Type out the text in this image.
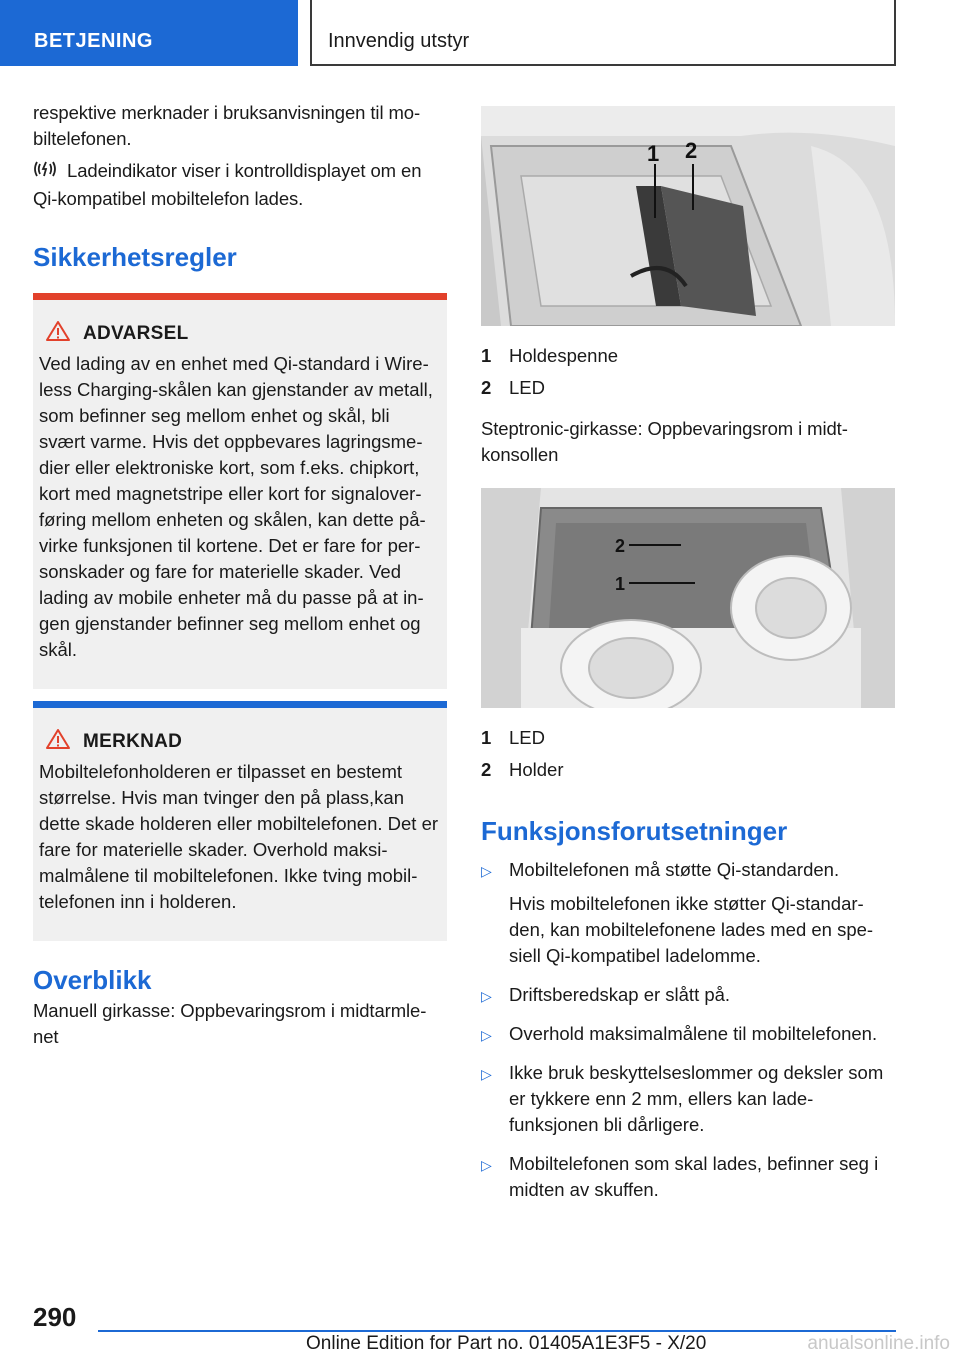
BETJENING	Innvendig utstyr

respektive merknader i bruksanvisningen til mo-biltelefonen.

Ladeindikator viser i kontrolldisplayet om en Qi-kompatibel mobiltelefon lades.

Sikkerhetsregler
ADVARSEL

Ved lading av en enhet med Qi-standard i Wire-less Charging-skålen kan gjenstander av metall, som befinner seg mellom enhet og skål, bli svært varme. Hvis det oppbevares lagringsme-dier eller elektroniske kort, som f.eks. chipkort, kort med magnetstripe eller kort for signalover-føring mellom enheten og skålen, kan dette på-virke funksjonen til kortene. Det er fare for per-sonskader og fare for materielle skader. Ved lading av mobile enheter må du passe på at in-gen gjenstander befinner seg mellom enhet og skål.

MERKNAD

Mobiltelefonholderen er tilpasset en bestemt størrelse. Hvis man tvinger den på plass,kan dette skade holderen eller mobiltelefonen. Det er fare for materielle skader. Overhold maksi-malmålene til mobiltelefonen. Ikke tving mobil-telefonen inn i holderen.

Overblikk

Manuell girkasse: Oppbevaringsrom i midtarmle-net

1 2
1 Holdespenne
2 LED

Steptronic-girkasse: Oppbevaringsrom i midt-konsollen

2
1
1 LED
2 Holder
Funksjonsforutsetninger
▷ Mobiltelefonen må støtte Qi-standarden.
Hvis mobiltelefonen ikke støtter Qi-standar-den, kan mobiltelefonene lades med en spe-siell Qi-kompatibel ladelomme.
▷ Driftsberedskap er slått på.
▷ Overhold maksimalmålene til mobiltelefonen.
▷ Ikke bruk beskyttelseslommer og deksler som er tykkere enn 2 mm, ellers kan lade-funksjonen bli dårligere.
▷ Mobiltelefonen som skal lades, befinner seg i midten av skuffen.
290
Online Edition for Part no. 01405A1E3F5 - X/20	anualsonline.info
